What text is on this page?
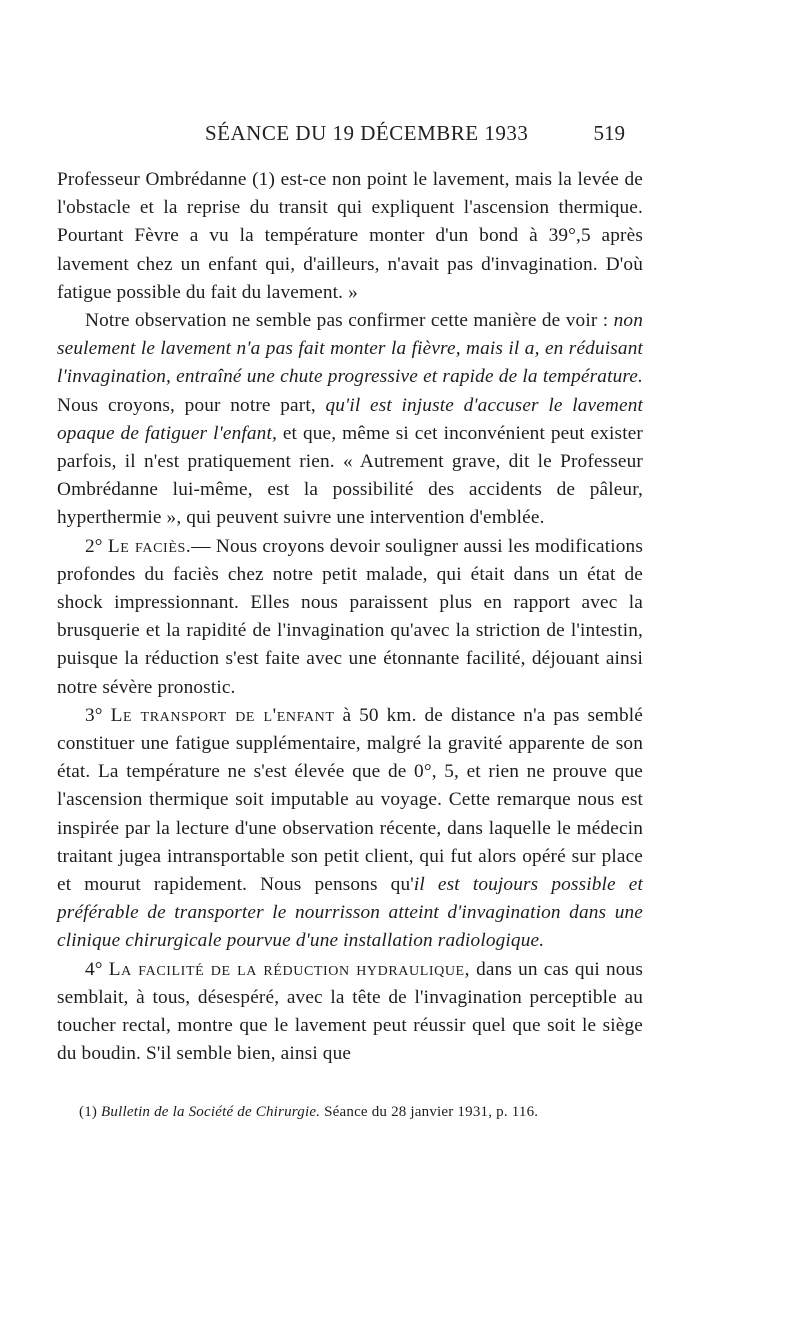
SÉANCE DU 19 DÉCEMBRE 1933	519

Professeur Ombrédanne (1) est-ce non point le lavement, mais la levée de l'obstacle et la reprise du transit qui expliquent l'ascension thermique. Pourtant Fèvre a vu la température monter d'un bond à 39°,5 après lavement chez un enfant qui, d'ailleurs, n'avait pas d'invagination. D'où fatigue possible du fait du lavement. »

Notre observation ne semble pas confirmer cette manière de voir : non seulement le lavement n'a pas fait monter la fièvre, mais il a, en réduisant l'invagination, entraîné une chute progressive et rapide de la température. Nous croyons, pour notre part, qu'il est injuste d'accuser le lavement opaque de fatiguer l'enfant, et que, même si cet inconvénient peut exister parfois, il n'est pratiquement rien. « Autrement grave, dit le Professeur Ombrédanne lui-même, est la possibilité des accidents de pâleur, hyperthermie », qui peuvent suivre une intervention d'emblée.

2° Le faciès.— Nous croyons devoir souligner aussi les modifications profondes du faciès chez notre petit malade, qui était dans un état de shock impressionnant. Elles nous paraissent plus en rapport avec la brusquerie et la rapidité de l'invagination qu'avec la striction de l'intestin, puisque la réduction s'est faite avec une étonnante facilité, déjouant ainsi notre sévère pronostic.

3° Le transport de l'enfant à 50 km. de distance n'a pas semblé constituer une fatigue supplémentaire, malgré la gravité apparente de son état. La température ne s'est élevée que de 0°, 5, et rien ne prouve que l'ascension thermique soit imputable au voyage. Cette remarque nous est inspirée par la lecture d'une observation récente, dans laquelle le médecin traitant jugea intransportable son petit client, qui fut alors opéré sur place et mourut rapidement. Nous pensons qu'il est toujours possible et préférable de transporter le nourrisson atteint d'invagination dans une clinique chirurgicale pourvue d'une installation radiologique.

4° La facilité de la réduction hydraulique, dans un cas qui nous semblait, à tous, désespéré, avec la tête de l'invagination perceptible au toucher rectal, montre que le lavement peut réussir quel que soit le siège du boudin. S'il semble bien, ainsi que

(1) Bulletin de la Société de Chirurgie. Séance du 28 janvier 1931, p. 116.
